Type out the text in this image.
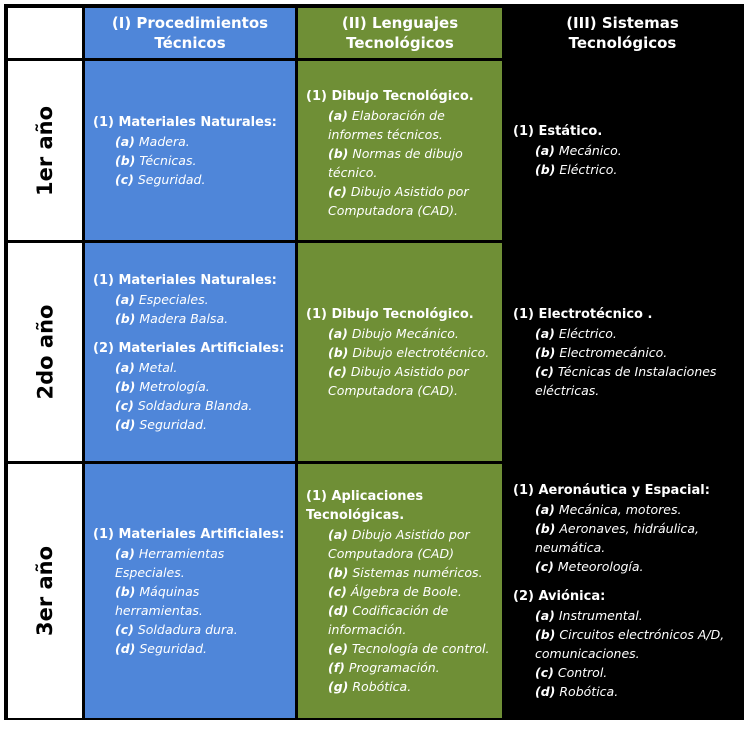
(I) Procedimientos Técnicos
(II) Lenguajes Tecnológicos
(III) Sistemas Tecnológicos
1er año
2do año
3er año
(1) Materiales Naturales:
(a) Madera.
(b) Técnicas.
(c) Seguridad.
(1) Dibujo Tecnológico.
(a) Elaboración de informes técnicos.
(b) Normas de dibujo técnico.
(c) Dibujo Asistido por Computadora (CAD).
(1) Estático.
(a) Mecánico.
(b) Eléctrico.
(1) Materiales Naturales:
(a) Especiales.
(b) Madera Balsa.
(2) Materiales Artificiales:
(a) Metal.
(b) Metrología.
(c) Soldadura Blanda.
(d) Seguridad.
(1) Dibujo Tecnológico.
(a) Dibujo Mecánico.
(b) Dibujo electrotécnico.
(c) Dibujo Asistido por Computadora (CAD).
(1) Electrotécnico .
(a) Eléctrico.
(b) Electromecánico.
(c) Técnicas de Instalaciones eléctricas.
(1) Materiales Artificiales:
(a) Herramientas Especiales.
(b) Máquinas herramientas.
(c) Soldadura dura.
(d) Seguridad.
(1) Aplicaciones Tecnológicas.
(a) Dibujo Asistido por Computadora (CAD)
(b) Sistemas numéricos.
(c) Álgebra de Boole.
(d) Codificación de información.
(e) Tecnología de control.
(f) Programación.
(g) Robótica.
(1) Aeronáutica y Espacial:
(a) Mecánica, motores.
(b) Aeronaves, hidráulica, neumática.
(c) Meteorología.
(2) Aviónica:
(a) Instrumental.
(b) Circuitos electrónicos A/D, comunicaciones.
(c) Control.
(d) Robótica.
